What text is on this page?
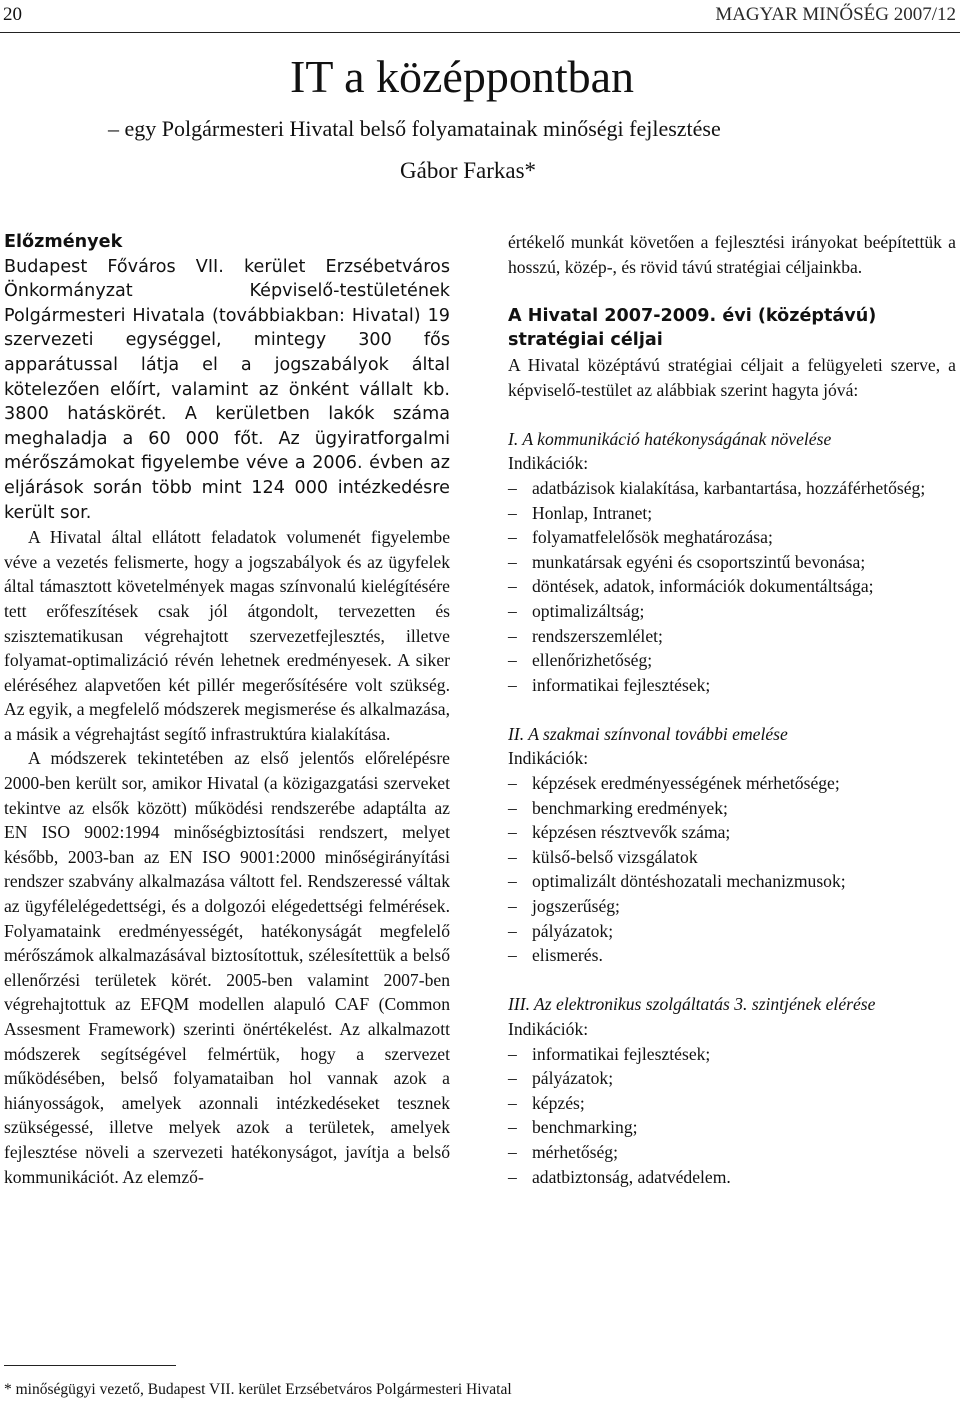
20	MAGYAR MINŐSÉG 2007/12
IT a középpontban
– egy Polgármesteri Hivatal belső folyamatainak minőségi fejlesztése
Gábor Farkas*
Előzmények

Budapest Főváros VII. kerület Erzsébetváros Önkormányzat Képviselő-testületének Polgármesteri Hivatala (továbbiakban: Hivatal) 19 szervezeti egységgel, mintegy 300 fős apparátussal látja el a jogszabályok által kötelezően előírt, valamint az önként vállalt kb. 3800 hatáskörét. A kerületben lakók száma meghaladja a 60 000 főt. Az ügyiratforgalmi mérőszámokat figyelembe véve a 2006. évben az eljárások során több mint 124 000 intézkedésre került sor.

A Hivatal által ellátott feladatok volumenét figyelembe véve a vezetés felismerte, hogy a jogszabályok és az ügyfelek által támasztott követelmények magas színvonalú kielégítésére tett erőfeszítések csak jól átgondolt, tervezetten és szisztematikusan végrehajtott szervezetfejlesztés, illetve folyamat-optimalizáció révén lehetnek eredményesek. A siker eléréséhez alapvetően két pillér megerősítésére volt szükség. Az egyik, a megfelelő módszerek megismerése és alkalmazása, a másik a végrehajtást segítő infrastruktúra kialakítása.

A módszerek tekintetében az első jelentős előrelépésre 2000-ben került sor, amikor Hivatal (a közigazgatási szerveket tekintve az elsők között) működési rendszerébe adaptálta az EN ISO 9002:1994 minőségbiztosítási rendszert, melyet később, 2003-ban az EN ISO 9001:2000 minőségirányítási rendszer szabvány alkalmazása váltott fel. Rendszeressé váltak az ügyfélelégedettségi, és a dolgozói elégedettségi felmérések. Folyamataink eredményességét, hatékonyságát megfelelő mérőszámok alkalmazásával biztosítottuk, szélesítettük a belső ellenőrzési területek körét. 2005-ben valamint 2007-ben végrehajtottuk az EFQM modellen alapuló CAF (Common Assesment Framework) szerinti önértékelést. Az alkalmazott módszerek segítségével felmértük, hogy a szervezet működésében, belső folyamataiban hol vannak azok a hiányosságok, amelyek azonnali intézkedéseket tesznek szükségessé, illetve melyek azok a területek, amelyek fejlesztése növeli a szervezeti hatékonyságot, javítja a belső kommunikációt. Az elemző-

értékelő munkát követően a fejlesztési irányokat beépítettük a hosszú, közép-, és rövid távú stratégiai céljainkba.

A Hivatal 2007-2009. évi (középtávú) stratégiai céljai

A Hivatal középtávú stratégiai céljait a felügyeleti szerve, a képviselő-testület az alábbiak szerint hagyta jóvá:

I. A kommunikáció hatékonyságának növelése
Indikációk:
– adatbázisok kialakítása, karbantartása, hozzáférhetőség;
– Honlap, Intranet;
– folyamatfelelősök meghatározása;
– munkatársak egyéni és csoportszintű bevonása;
– döntések, adatok, információk dokumentáltsága;
– optimalizáltság;
– rendszerszemlélet;
– ellenőrizhetőség;
– informatikai fejlesztések;
II. A szakmai színvonal további emelése
Indikációk:
– képzések eredményességének mérhetősége;
– benchmarking eredmények;
– képzésen résztvevők száma;
– külső-belső vizsgálatok
– optimalizált döntéshozatali mechanizmusok;
– jogszerűség;
– pályázatok;
– elismerés.
III. Az elektronikus szolgáltatás 3. szintjének elérése
Indikációk:
– informatikai fejlesztések;
– pályázatok;
– képzés;
– benchmarking;
– mérhetőség;
– adatbiztonság, adatvédelem.
* minőségügyi vezető, Budapest VII. kerület Erzsébetváros Polgármesteri Hivatal
